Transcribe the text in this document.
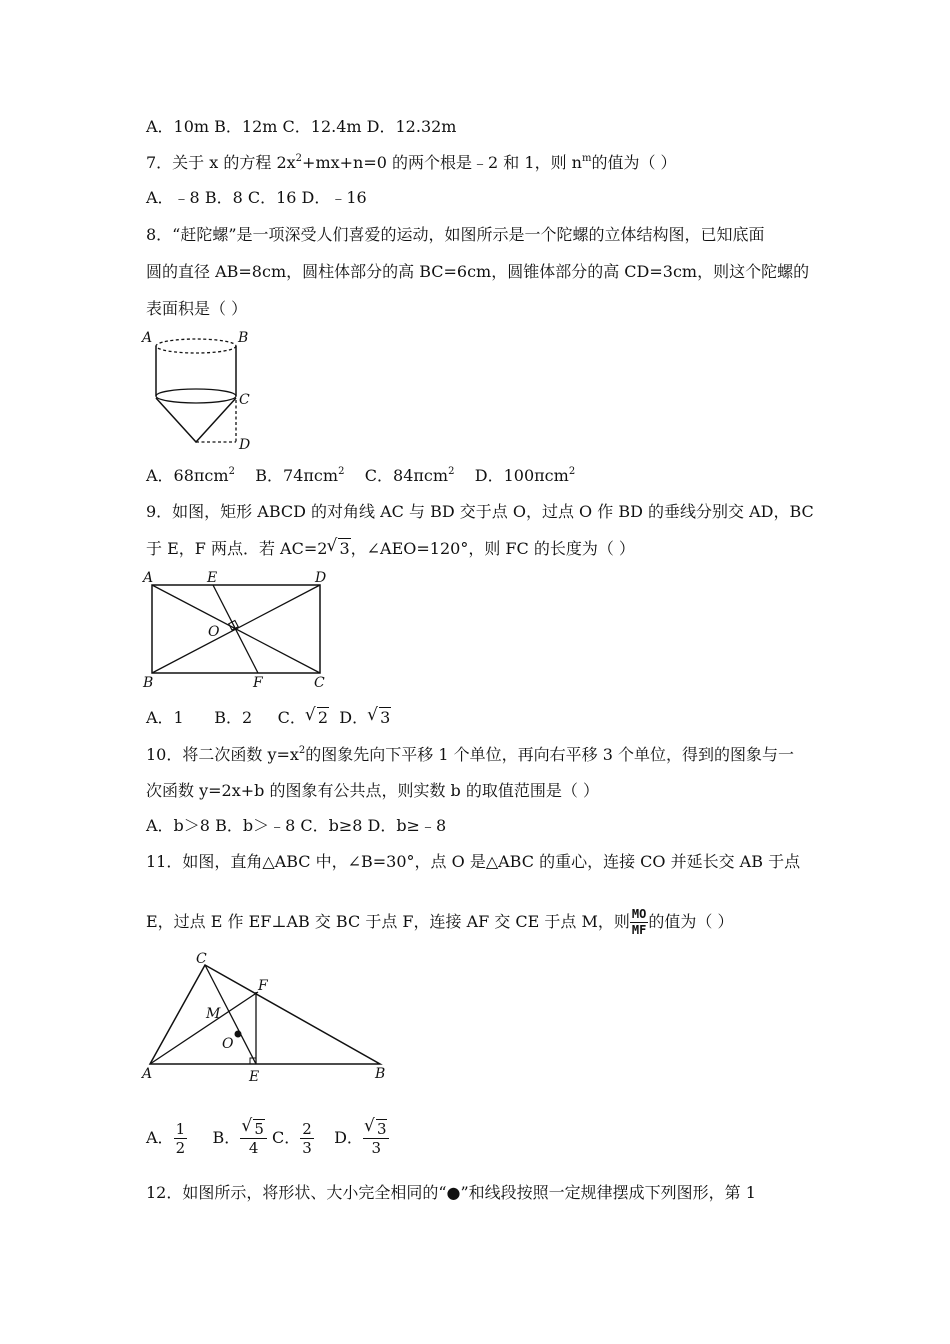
A．10m B．12m C．12.4m D．12.32m
7．关于 x 的方程 $2x^2+mx+n=0$ 的两个根是﹣2 和 1，则 $n^m$的值为（ ）
A．﹣8 B．8 C．16 D．﹣16
8．“赶陀螺”是一项深受人们喜爱的运动，如图所示是一个陀螺的立体结构图，已知底面
圆的直径 AB=8cm，圆柱体部分的高 BC=6cm，圆锥体部分的高 CD=3cm，则这个陀螺的
表面积是（ ）
A	B
C
D
A．68πcm$^2$ B．74πcm$^2$ C．84πcm$^2$ D．100πcm$^2$
9．如图，矩形 ABCD 的对角线 AC 与 BD 交于点 O，过点 O 作 BD 的垂线分别交 AD，BC
于 E，F 两点．若 AC=2 √ 3，∠AEO=120°，则 FC 的长度为（ ）
A	E	D
O
B	F	C
A．1 B．2 C． √ 2 D． √ 3
10．将二次函数 $y=x^2$的图象先向下平移 1 个单位，再向右平移 3 个单位，得到的图象与一
次函数 y=2x+b 的图象有公共点，则实数 b 的取值范围是（ ）
A．b＞8 B．b＞﹣8 C．b≥8 D．b≥﹣8
11．如图，直角△ABC 中，∠B=30°，点 O 是△ABC 的重心，连接 CO 并延长交 AB 于点
E，过点 E 作 EF⊥AB 交 BC 于点 F，连接 AF 交 CE 于点 M，则 $\frac{MO}{MF}$ 的值为（ ）
C
F
M
O
A	E	B
A． $\frac{1}{2}$ B． √ $\frac{5}{4}$ C． $\frac{2}{3}$ D． √ $\frac{3}{3}$
12．如图所示，将形状、大小完全相同的“●”和线段按照一定规律摆成下列图形，第 1
